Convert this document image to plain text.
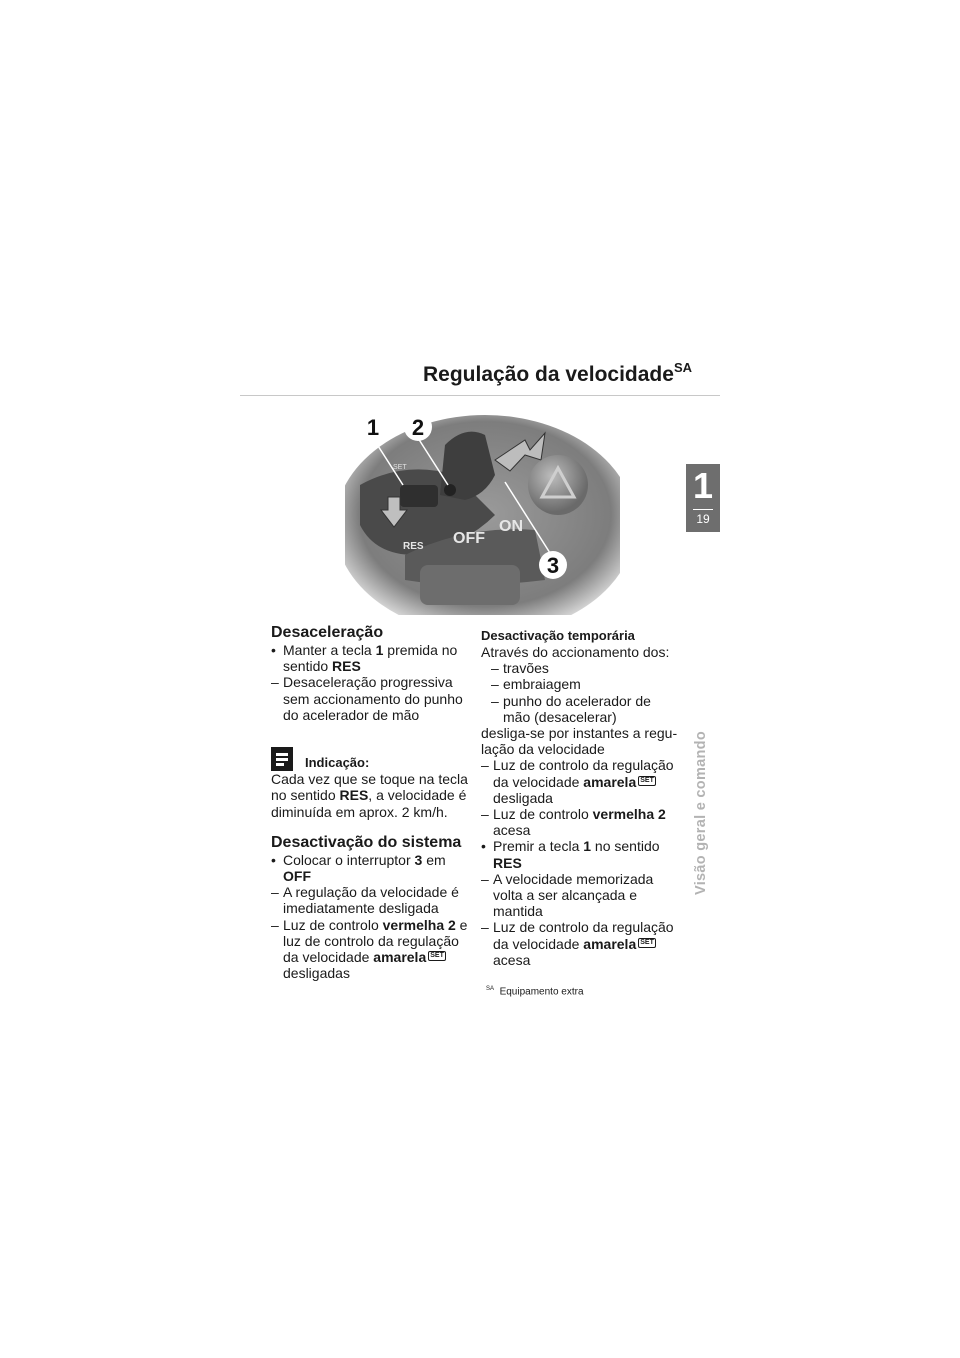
Regulação da velocidade$^{SA}$
SET
RES OFF
ON
1 2
3
1
19
Visão geral e comando
Desaceleração
• Manter a tecla 1 premida no sentido RES
– Desaceleração progressiva sem accionamento do punho do acelerador de mão
Indicação:
Cada vez que se toque na tecla no sentido RES, a velocidade é diminuída em aprox. 2 km/h.
Desactivação do sistema
• Colocar o interruptor 3 em OFF
– A regulação da velocidade é imediatamente desligada
– Luz de controlo vermelha 2 e luz de controlo da regulação da velocidade amarela SET desligadas
Desactivação temporária
Através do accionamento dos:
– travões
– embraiagem
– punho do acelerador de mão (desacelerar)
desliga-se por instantes a regu-lação da velocidade
– Luz de controlo da regulação da velocidade amarela SET desligada
– Luz de controlo vermelha 2 acesa
• Premir a tecla 1 no sentido RES
– A velocidade memorizada volta a ser alcançada e mantida
– Luz de controlo da regulação da velocidade amarela SET acesa
$^{SA}$ Equipamento extra
